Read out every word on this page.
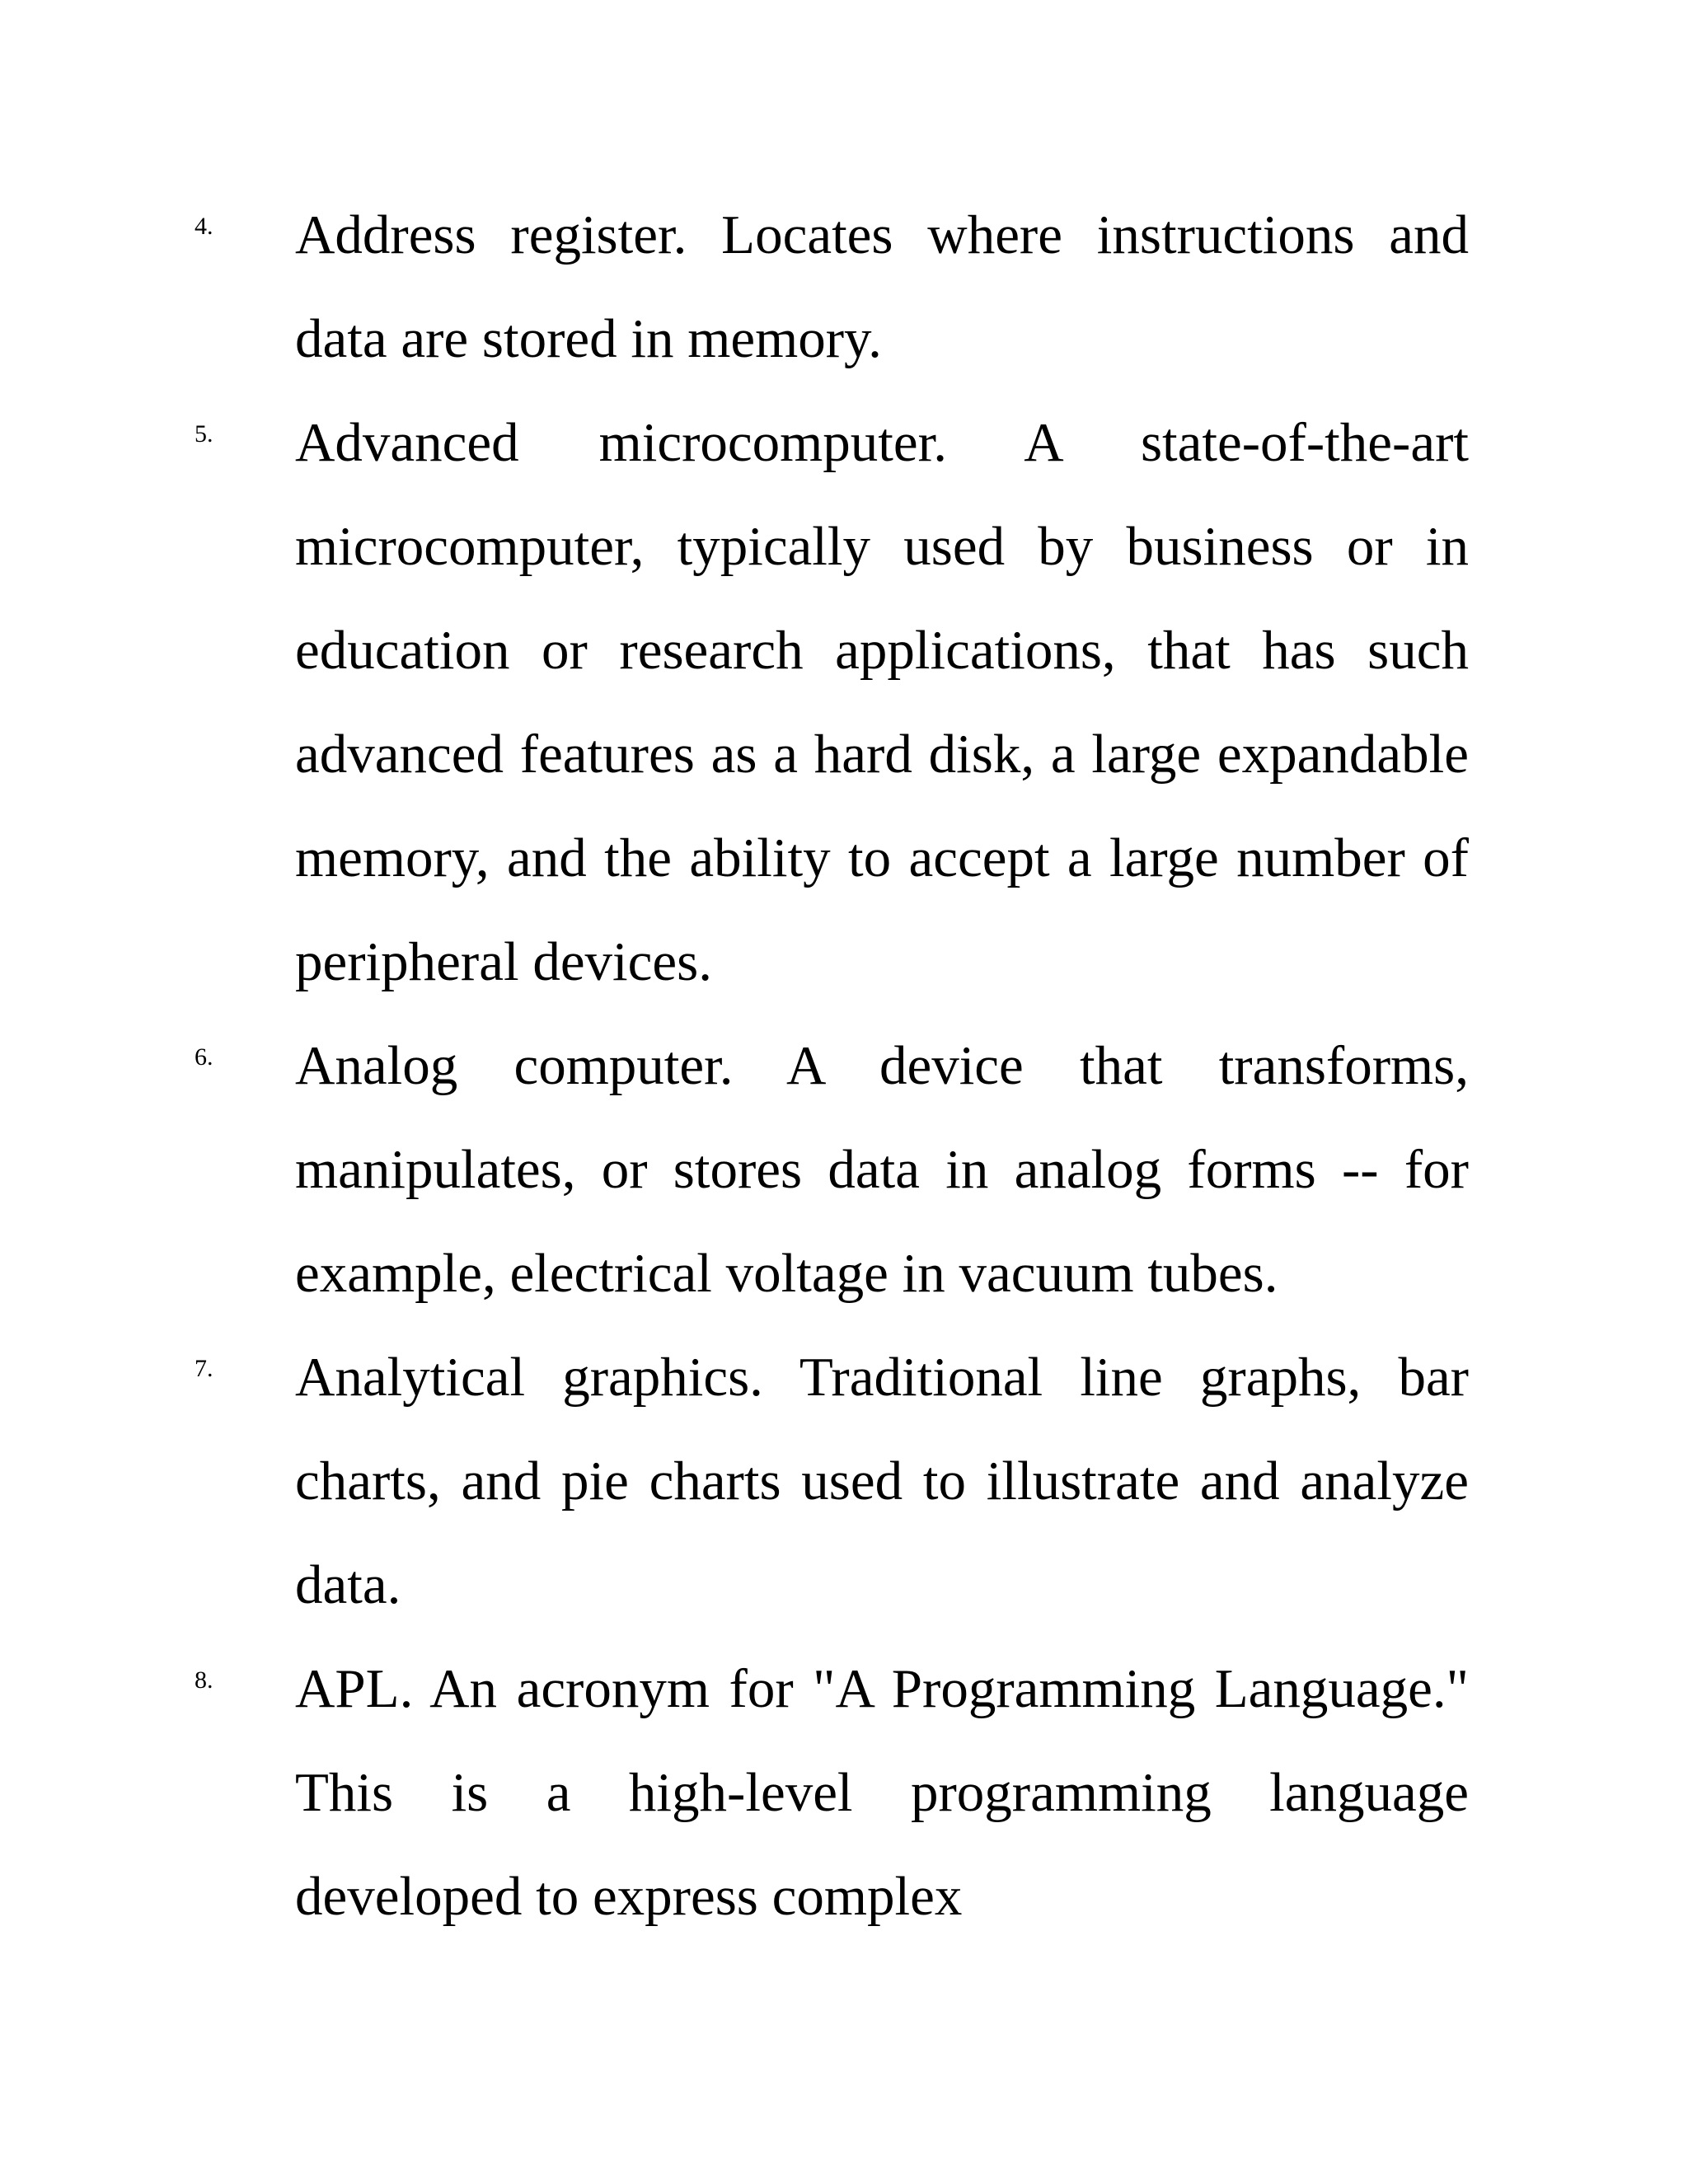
4. Address register. Locates where instructions and data are stored in memory.

5. Advanced microcomputer. A state-of-the-art microcomputer, typically used by business or in education or research applications, that has such advanced features as a hard disk, a large expandable memory, and the ability to accept a large number of peripheral devices.

6. Analog computer. A device that transforms, manipulates, or stores data in analog forms -- for example, electrical voltage in vacuum tubes.

7. Analytical graphics. Traditional line graphs, bar charts, and pie charts used to illustrate and analyze data.

8. APL. An acronym for "A Programming Language." This is a high-level programming language developed to express complex
